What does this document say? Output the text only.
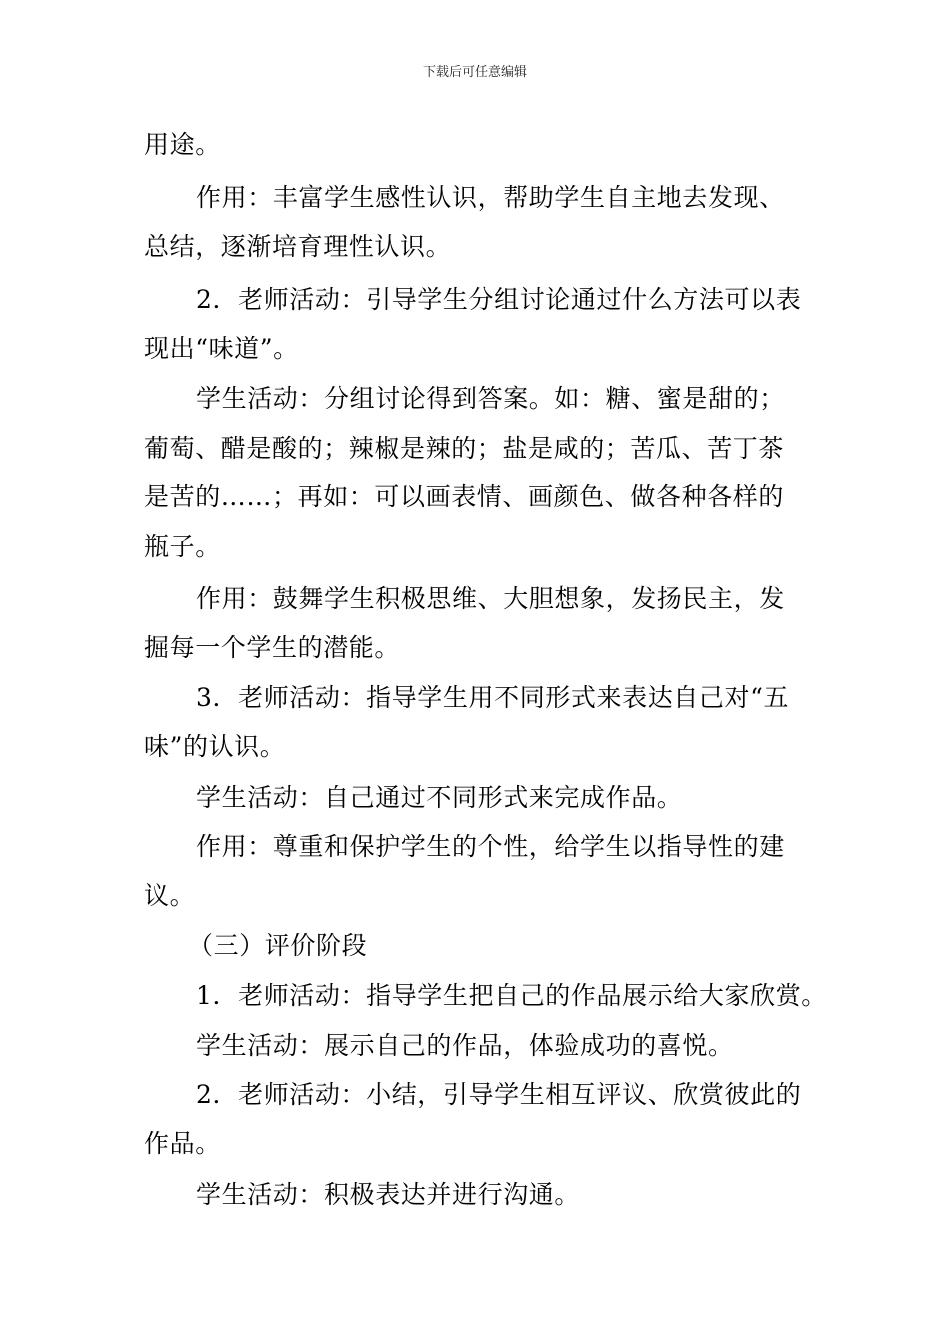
下载后可任意编辑
用途。
作用：丰富学生感性认识，帮助学生自主地去发现、
总结，逐渐培育理性认识。
2．老师活动：引导学生分组讨论通过什么方法可以表
现出“味道”。
学生活动：分组讨论得到答案。如：糖、蜜是甜的；
葡萄、醋是酸的；辣椒是辣的；盐是咸的；苦瓜、苦丁茶
是苦的……；再如：可以画表情、画颜色、做各种各样的
瓶子。
作用：鼓舞学生积极思维、大胆想象，发扬民主，发
掘每一个学生的潜能。
3．老师活动：指导学生用不同形式来表达自己对“五
味”的认识。
学生活动：自己通过不同形式来完成作品。
作用：尊重和保护学生的个性，给学生以指导性的建
议。
（三）评价阶段
1．老师活动：指导学生把自己的作品展示给大家欣赏。
学生活动：展示自己的作品，体验成功的喜悦。
2．老师活动：小结，引导学生相互评议、欣赏彼此的
作品。
学生活动：积极表达并进行沟通。
